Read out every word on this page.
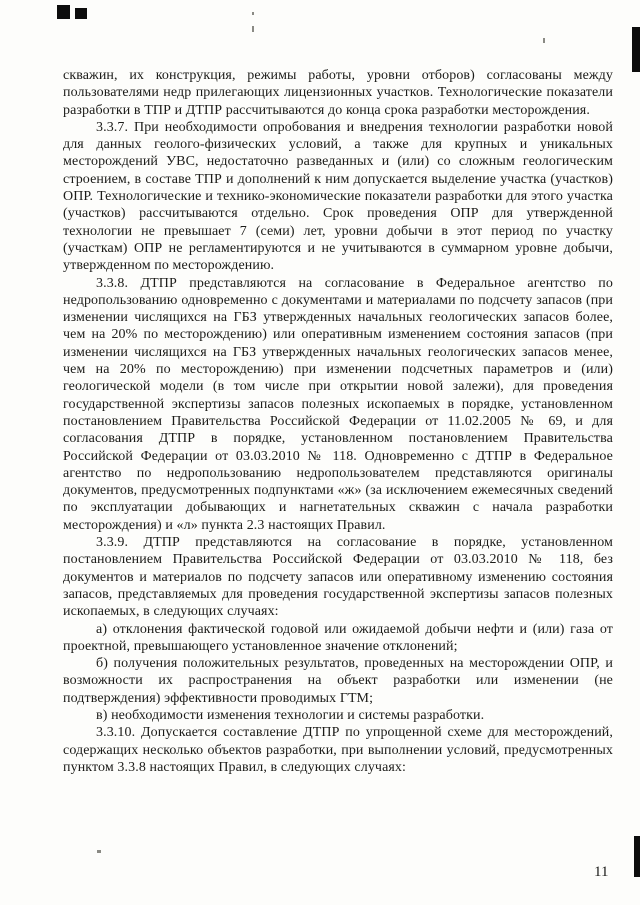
скважин, их конструкция, режимы работы, уровни отборов) согласованы между пользователями недр прилегающих лицензионных участков. Технологические показатели разработки в ТПР и ДТПР рассчитываются до конца срока разработки месторождения.

3.3.7. При необходимости опробования и внедрения технологии разработки новой для данных геолого-физических условий, а также для крупных и уникальных месторождений УВС, недостаточно разведанных и (или) со сложным геологическим строением, в составе ТПР и дополнений к ним допускается выделение участка (участков) ОПР. Технологические и технико-экономические показатели разработки для этого участка (участков) рассчитываются отдельно. Срок проведения ОПР для утвержденной технологии не превышает 7 (семи) лет, уровни добычи в этот период по участку (участкам) ОПР не регламентируются и не учитываются в суммарном уровне добычи, утвержденном по месторождению.

3.3.8. ДТПР представляются на согласование в Федеральное агентство по недропользованию одновременно с документами и материалами по подсчету запасов (при изменении числящихся на ГБЗ утвержденных начальных геологических запасов более, чем на 20% по месторождению) или оперативным изменением состояния запасов (при изменении числящихся на ГБЗ утвержденных начальных геологических запасов менее, чем на 20% по месторождению) при изменении подсчетных параметров и (или) геологической модели (в том числе при открытии новой залежи), для проведения государственной экспертизы запасов полезных ископаемых в порядке, установленном постановлением Правительства Российской Федерации от 11.02.2005 № 69, и для согласования ДТПР в порядке, установленном постановлением Правительства Российской Федерации от 03.03.2010 № 118. Одновременно с ДТПР в Федеральное агентство по недропользованию недропользователем представляются оригиналы документов, предусмотренных подпунктами «ж» (за исключением ежемесячных сведений по эксплуатации добывающих и нагнетательных скважин с начала разработки месторождения) и «л» пункта 2.3 настоящих Правил.

3.3.9. ДТПР представляются на согласование в порядке, установленном постановлением Правительства Российской Федерации от 03.03.2010 № 118, без документов и материалов по подсчету запасов или оперативному изменению состояния запасов, представляемых для проведения государственной экспертизы запасов полезных ископаемых, в следующих случаях:

а) отклонения фактической годовой или ожидаемой добычи нефти и (или) газа от проектной, превышающего установленное значение отклонений;

б) получения положительных результатов, проведенных на месторождении ОПР, и возможности их распространения на объект разработки или изменении (не подтверждения) эффективности проводимых ГТМ;

в) необходимости изменения технологии и системы разработки.

3.3.10. Допускается составление ДТПР по упрощенной схеме для месторождений, содержащих несколько объектов разработки, при выполнении условий, предусмотренных пунктом 3.3.8 настоящих Правил, в следующих случаях:

11
